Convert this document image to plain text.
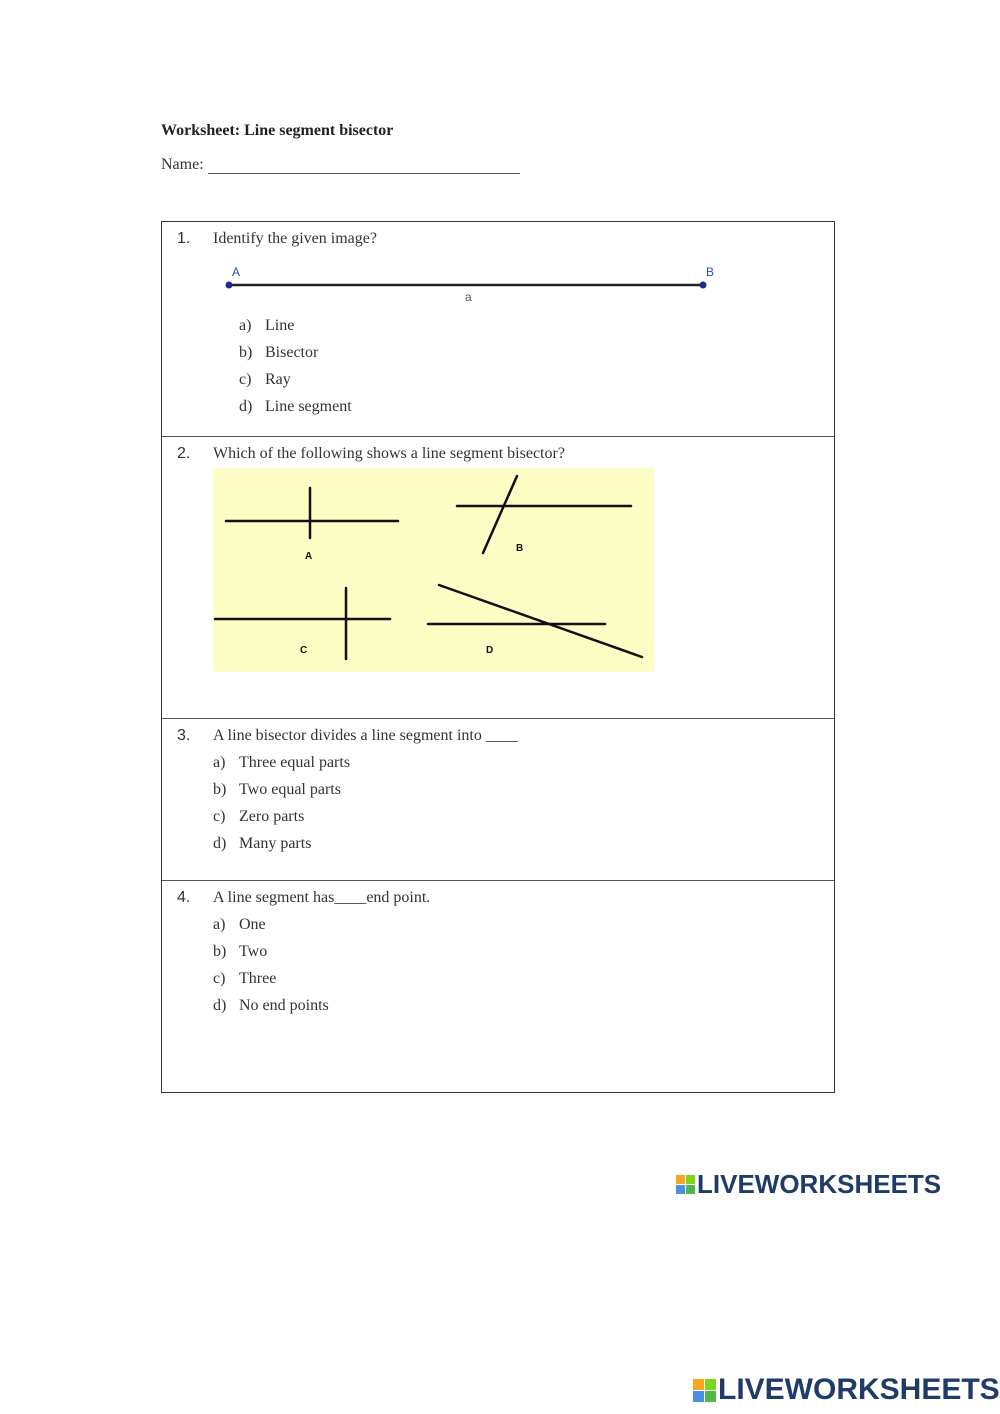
Worksheet: Line segment bisector
Name:
1. Identify the given image?
A	B
a
a) Line
b) Bisector
c) Ray
d) Line segment
2. Which of the following shows a line segment bisector?
A
B
C	D
3. A line bisector divides a line segment into ____
a) Three equal parts
b) Two equal parts
c) Zero parts
d) Many parts
4. A line segment has____end point.
a) One
b) Two
c) Three
d) No end points
LIVEWORKSHEETS
LIVEWORKSHEETS
